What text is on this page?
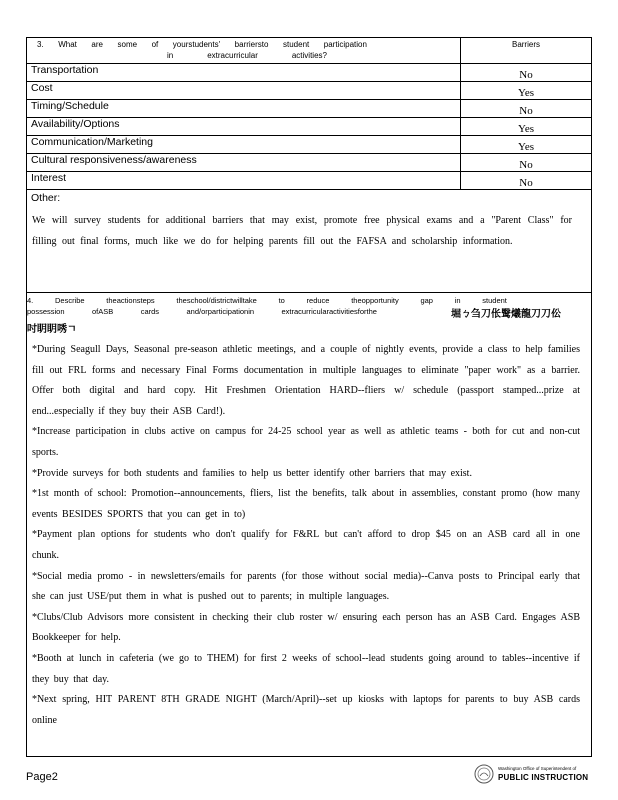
3. What are some of yourstudents' barriersto student participation
in	extracurricular	activities?
Barriers
Transportation	No
Cost	Yes
Timing/Schedule	No
Availability/Options	Yes
Communication/Marketing	Yes
Cultural responsiveness/awareness	No
Interest	No
Other:
We will survey students for additional barriers that may exist, promote free physical exams and a "Parent Class" for filling out final forms, much like we do for helping parents fill out the FAFSA and scholarship information.
4.	Describe	theactionsteps	theschool/districtwilltake	to	reduce	theopportunity	gap	in	student
possession	ofASB	cards	and/orparticipationin	extracurricularactivitiesforthe	堀ㄅ刍刀伥鹥爔龍刀刀伀
吋眀眀唀ㄱ

*During Seagull Days, Seasonal pre-season athletic meetings, and a couple of nightly events, provide a class to help families fill out FRL forms and necessary Final Forms documentation in multiple languages to eliminate "paper work" as a barrier. Offer both digital and hard copy. Hit Freshmen Orientation HARD--fliers w/ schedule (passport stamped...prize at end...especially if they buy their ASB Card!).

*Increase participation in clubs active on campus for 24-25 school year as well as athletic teams - both for cut and non-cut sports.

*Provide surveys for both students and families to help us better identify other barriers that may exist.

*1st month of school: Promotion--announcements, fliers, list the benefits, talk about in assemblies, constant promo (how many events BESIDES SPORTS that you can get in to)

*Payment plan options for students who don't qualify for F&RL but can't afford to drop $45 on an ASB card all in one chunk.

*Social media promo - in newsletters/emails for parents (for those without social media)--Canva posts to Principal early that she can just USE/put them in what is pushed out to parents; in multiple languages.

*Clubs/Club Advisors more consistent in checking their club roster w/ ensuring each person has an ASB Card. Engages ASB Bookkeeper for help.

*Booth at lunch in cafeteria (we go to THEM) for first 2 weeks of school--lead students going around to tables--incentive if they buy that day.

*Next spring, HIT PARENT 8TH GRADE NIGHT (March/April)--set up kiosks with laptops for parents to buy ASB cards online

Page2
Washington Office of Superintendent of
PUBLIC INSTRUCTION
